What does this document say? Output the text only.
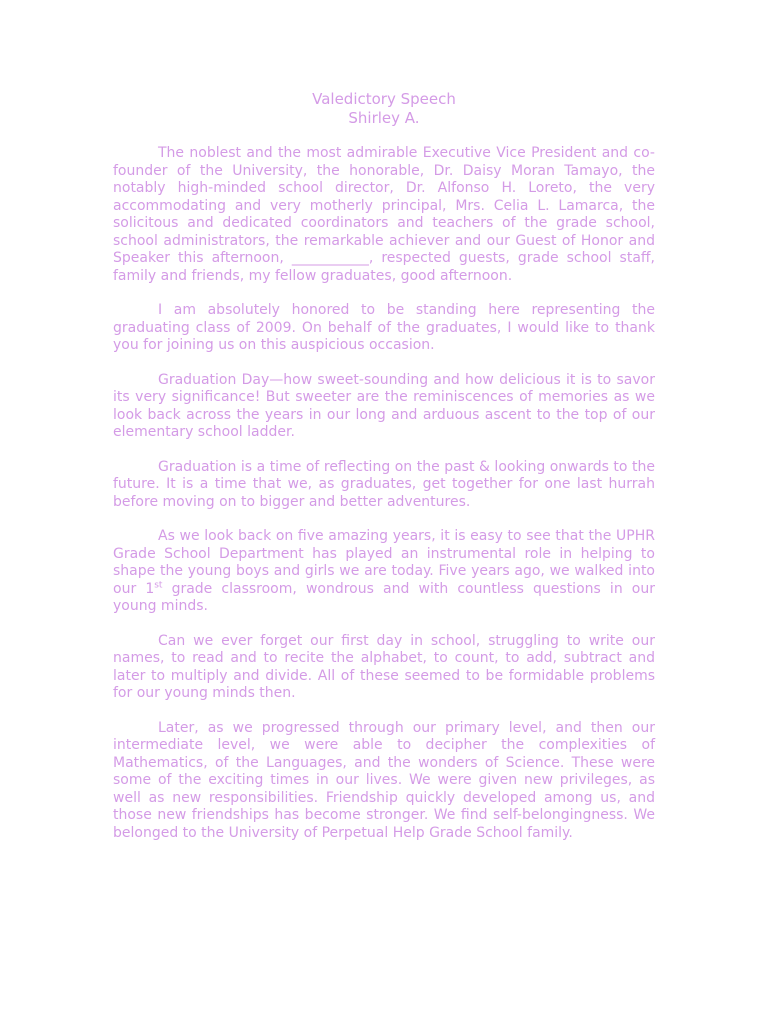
Valedictory Speech
Shirley A.

The noblest and the most admirable Executive Vice President and co-founder of the University, the honorable, Dr. Daisy Moran Tamayo, the notably high-minded school director, Dr. Alfonso H. Loreto, the very accommodating and very motherly principal, Mrs. Celia L. Lamarca, the solicitous and dedicated coordinators and teachers of the grade school, school administrators, the remarkable achiever and our Guest of Honor and Speaker this afternoon, ___________, respected guests, grade school staff, family and friends, my fellow graduates, good afternoon.

I am absolutely honored to be standing here representing the graduating class of 2009. On behalf of the graduates, I would like to thank you for joining us on this auspicious occasion.

Graduation Day—how sweet-sounding and how delicious it is to savor its very significance! But sweeter are the reminiscences of memories as we look back across the years in our long and arduous ascent to the top of our elementary school ladder.

Graduation is a time of reflecting on the past & looking onwards to the future. It is a time that we, as graduates, get together for one last hurrah before moving on to bigger and better adventures.

As we look back on five amazing years, it is easy to see that the UPHR Grade School Department has played an instrumental role in helping to shape the young boys and girls we are today. Five years ago, we walked into our 1st grade classroom, wondrous and with countless questions in our young minds.

Can we ever forget our first day in school, struggling to write our names, to read and to recite the alphabet, to count, to add, subtract and later to multiply and divide. All of these seemed to be formidable problems for our young minds then.

Later, as we progressed through our primary level, and then our intermediate level, we were able to decipher the complexities of Mathematics, of the Languages, and the wonders of Science. These were some of the exciting times in our lives. We were given new privileges, as well as new responsibilities. Friendship quickly developed among us, and those new friendships has become stronger. We find self-belongingness. We belonged to the University of Perpetual Help Grade School family.
